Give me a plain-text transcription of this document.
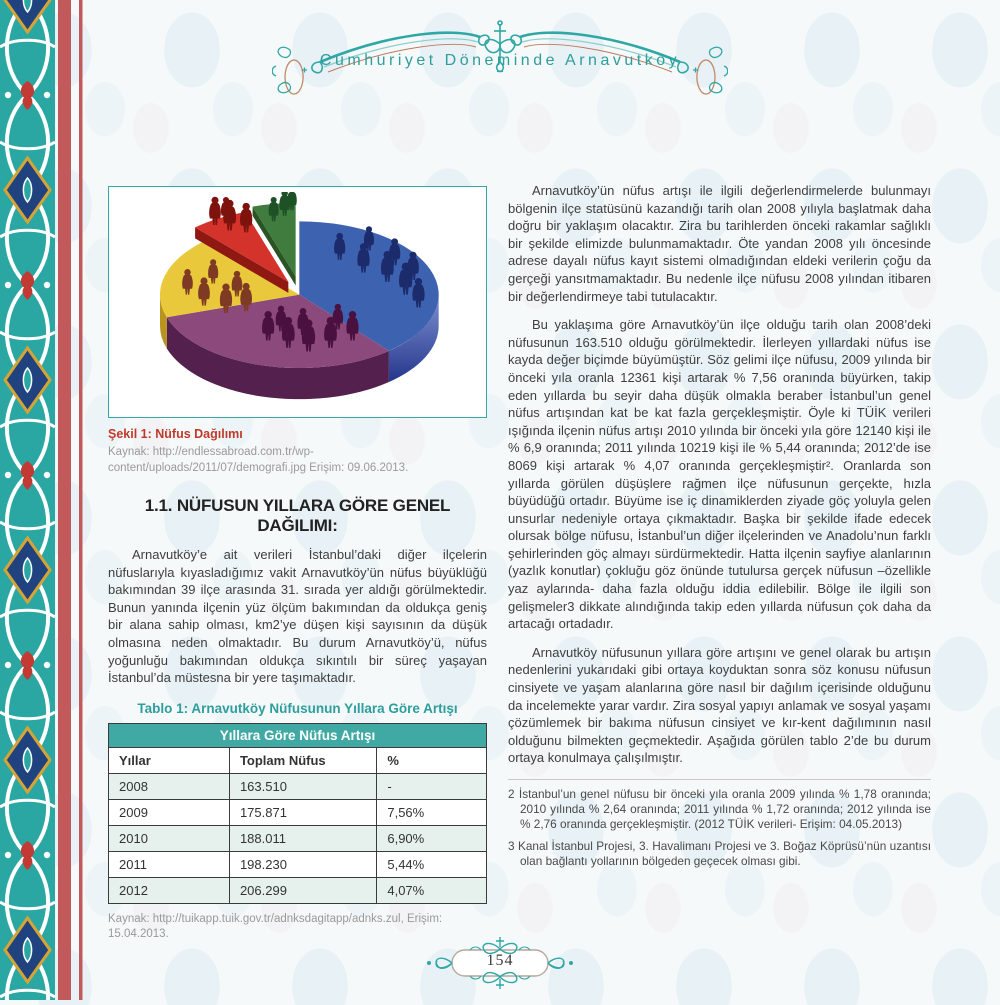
Cumhuriyet Döneminde Arnavutköy
Şekil 1: Nüfus Dağılımı
Kaynak: http://endlessabroad.com.tr/wp-content/uploads/2011/07/demografi.jpg Erişim: 09.06.2013.
1.1. NÜFUSUN YILLARA GÖRE GENEL DAĞILIMI:

Arnavutköy’e ait verileri İstanbul’daki diğer ilçelerin nüfuslarıyla kıyasladığımız vakit Arnavutköy’ün nüfus büyüklüğü bakımından 39 ilçe arasında 31. sırada yer aldığı görülmektedir. Bunun yanında ilçenin yüz ölçüm bakımından da oldukça geniş bir alana sahip olması, km2’ye düşen kişi sayısının da düşük olmasına neden olmaktadır. Bu durum Arnavutköy’ü, nüfus yoğunluğu bakımından oldukça sıkıntılı bir süreç yaşayan İstanbul’da müstesna bir yere taşımaktadır.

Tablo 1: Arnavutköy Nüfusunun Yıllara Göre Artışı
Yıllara Göre Nüfus Artışı		
Yıllar	Toplam Nüfus	%
2008	163.510	-
2009	175.871	7,56%
2010	188.011	6,90%
2011	198.230	5,44%
2012	206.299	4,07%
Kaynak: http://tuikapp.tuik.gov.tr/adnksdagitapp/adnks.zul, Erişim: 15.04.2013.

Arnavutköy’ün nüfus artışı ile ilgili değerlendirmelerde bulunmayı bölgenin ilçe statüsünü kazandığı tarih olan 2008 yılıyla başlatmak daha doğru bir yaklaşım olacaktır. Zira bu tarihlerden önceki rakamlar sağlıklı bir şekilde elimizde bulunmamaktadır. Öte yandan 2008 yılı öncesinde adrese dayalı nüfus kayıt sistemi olmadığından eldeki verilerin çoğu da gerçeği yansıtmamaktadır. Bu nedenle ilçe nüfusu 2008 yılından itibaren bir değerlendirmeye tabi tutulacaktır.

Bu yaklaşıma göre Arnavutköy’ün ilçe olduğu tarih olan 2008’deki nüfusunun 163.510 olduğu görülmektedir. İlerleyen yıllardaki nüfus ise kayda değer biçimde büyümüştür. Söz gelimi ilçe nüfusu, 2009 yılında bir önceki yıla oranla 12361 kişi artarak % 7,56 oranında büyürken, takip eden yıllarda bu seyir daha düşük olmakla beraber İstanbul’un genel nüfus artışından kat be kat fazla gerçekleşmiştir. Öyle ki TÜİK verileri ışığında ilçenin nüfus artışı 2010 yılında bir önceki yıla göre 12140 kişi ile % 6,9 oranında; 2011 yılında 10219 kişi ile % 5,44 oranında; 2012’de ise 8069 kişi artarak % 4,07 oranında gerçekleşmiştir². Oranlarda son yıllarda görülen düşüşlere rağmen ilçe nüfusunun gerçekte, hızla büyüdüğü ortadır. Büyüme ise iç dinamiklerden ziyade göç yoluyla gelen unsurlar nedeniyle ortaya çıkmaktadır. Başka bir şekilde ifade edecek olursak bölge nüfusu, İstanbul’un diğer ilçelerinden ve Anadolu’nun farklı şehirlerinden göç almayı sürdürmektedir. Hatta ilçenin sayfiye alanlarının (yazlık konutlar) çokluğu göz önünde tutulursa gerçek nüfusun –özellikle yaz aylarında- daha fazla olduğu iddia edilebilir. Bölge ile ilgili son gelişmeler3 dikkate alındığında takip eden yıllarda nüfusun çok daha da artacağı ortadadır.

Arnavutköy nüfusunun yıllara göre artışını ve genel olarak bu artışın nedenlerini yukarıdaki gibi ortaya koyduktan sonra söz konusu nüfusun cinsiyete ve yaşam alanlarına göre nasıl bir dağılım içerisinde olduğunu da incelemekte yarar vardır. Zira sosyal yapıyı anlamak ve sosyal yaşamı çözümlemek bir bakıma nüfusun cinsiyet ve kır-kent dağılımının nasıl olduğunu bilmekten geçmektedir. Aşağıda görülen tablo 2’de bu durum ortaya konulmaya çalışılmıştır.

2 İstanbul’un genel nüfusu bir önceki yıla oranla 2009 yılında % 1,78 oranında; 2010 yılında % 2,64 oranında; 2011 yılında % 1,72 oranında; 2012 yılında ise % 2,76 oranında gerçekleşmiştir. (2012 TÜİK verileri- Erişim: 04.05.2013)
3 Kanal İstanbul Projesi, 3. Havalimanı Projesi ve 3. Boğaz Köprüsü’nün uzantısı olan bağlantı yollarının bölgeden geçecek olması gibi.
154
